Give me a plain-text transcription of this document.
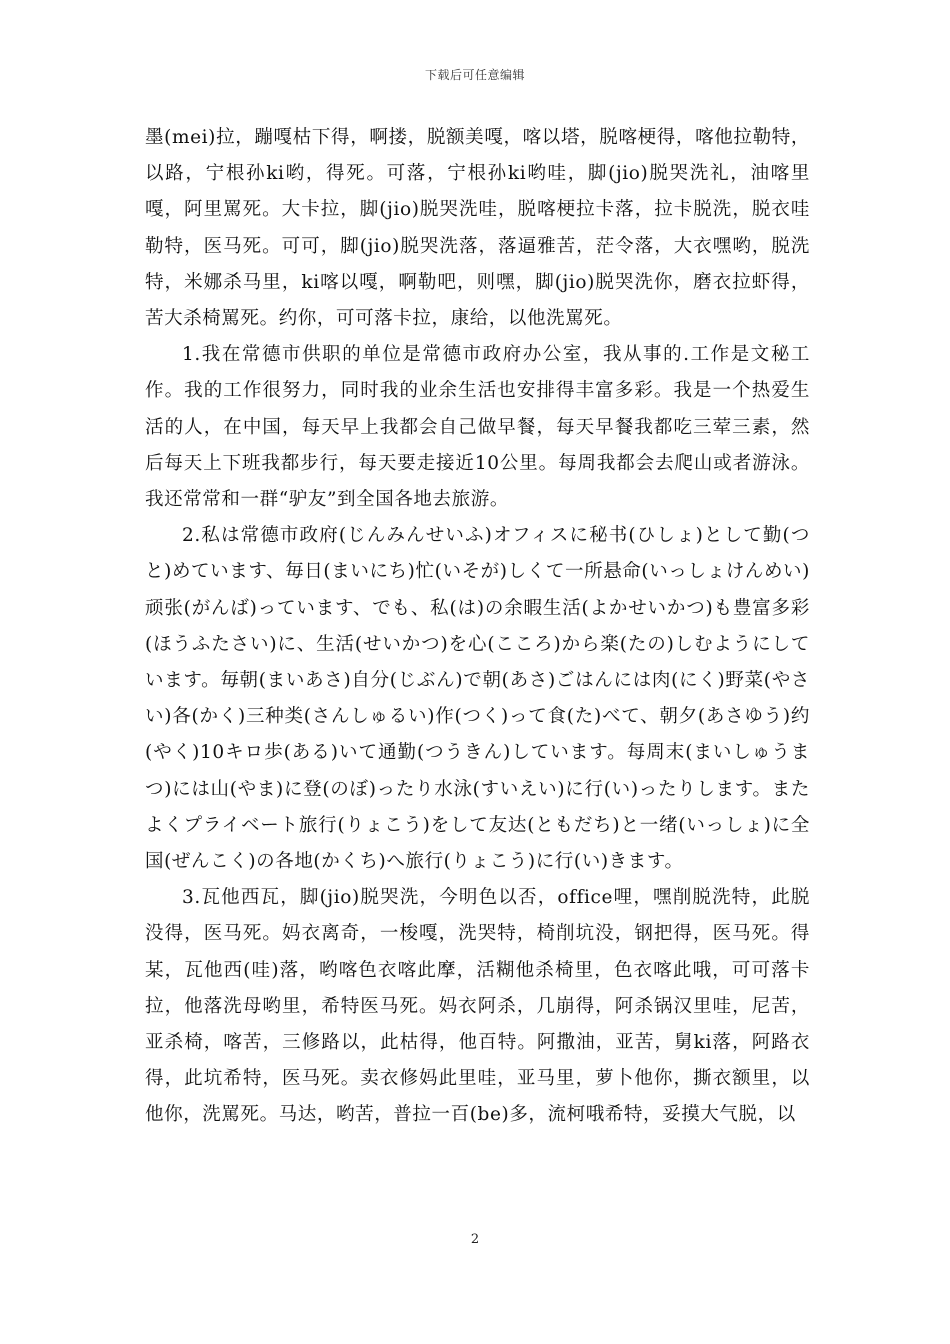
下载后可任意编辑

墨(mei)拉，蹦嘎枯下得，啊搂，脱额美嘎，喀以塔，脱喀梗得，喀他拉勒特，以路，宁根孙ki哟，得死。可落，宁根孙ki哟哇，脚(jio)脱哭洗礼，油喀里嘎，阿里罵死。大卡拉，脚(jio)脱哭洗哇，脱喀梗拉卡落，拉卡脱洗，脱衣哇勒特，医马死。可可，脚(jio)脱哭洗落，落逼雅苦，茫令落，大衣嘿哟，脱洗特，米娜杀马里，ki喀以嘎，啊勒吧，则嘿，脚(jio)脱哭洗你，磨衣拉虾得，苦大杀椅罵死。约你，可可落卡拉，康给，以他洗罵死。

1.我在常德市供职的单位是常德市政府办公室，我从事的.工作是文秘工作。我的工作很努力，同时我的业余生活也安排得丰富多彩。我是一个热爱生活的人，在中国，每天早上我都会自己做早餐，每天早餐我都吃三荤三素，然后每天上下班我都步行，每天要走接近10公里。每周我都会去爬山或者游泳。我还常常和一群“驴友”到全国各地去旅游。

2.私は常德市政府(じんみんせいふ)オフィスに秘书(ひしょ)として勤(つと)めています、毎日(まいにち)忙(いそが)しくて一所悬命(いっしょけんめい)顽张(がんば)っています、でも、私(は)の余暇生活(よかせいかつ)も豊富多彩(ほうふたさい)に、生活(せいかつ)を心(こころ)から楽(たの)しむようにしています。毎朝(まいあさ)自分(じぶん)で朝(あさ)ごはんには肉(にく)野菜(やさい)各(かく)三种类(さんしゅるい)作(つく)って食(た)べて、朝夕(あさゆう)约(やく)10キロ歩(ある)いて通勤(つうきん)しています。每周末(まいしゅうまつ)には山(やま)に登(のぼ)ったり水泳(すいえい)に行(い)ったりします。またよくプライベート旅行(りょこう)をして友达(ともだち)と一绪(いっしょ)に全国(ぜんこく)の各地(かくち)へ旅行(りょこう)に行(い)きます。

3.瓦他西瓦，脚(jio)脱哭洗，今明色以否，office哩，嘿削脱洗特，此脱没得，医马死。妈衣离奇，一梭嘎，洗哭特，椅削坑没，钢把得，医马死。得某，瓦他西(哇)落，哟喀色衣喀此摩，活糊他杀椅里，色衣喀此哦，可可落卡拉，他落洗母哟里，希特医马死。妈衣阿杀，几崩得，阿杀锅汉里哇，尼苦，亚杀椅，喀苦，三修路以，此枯得，他百特。阿撒油，亚苦，舅ki落，阿路衣得，此坑希特，医马死。卖衣修妈此里哇，亚马里，萝卜他你，撕衣额里，以他你，洗罵死。马达，哟苦，普拉一百(be)多，流柯哦希特，妥摸大气脱，以

2
